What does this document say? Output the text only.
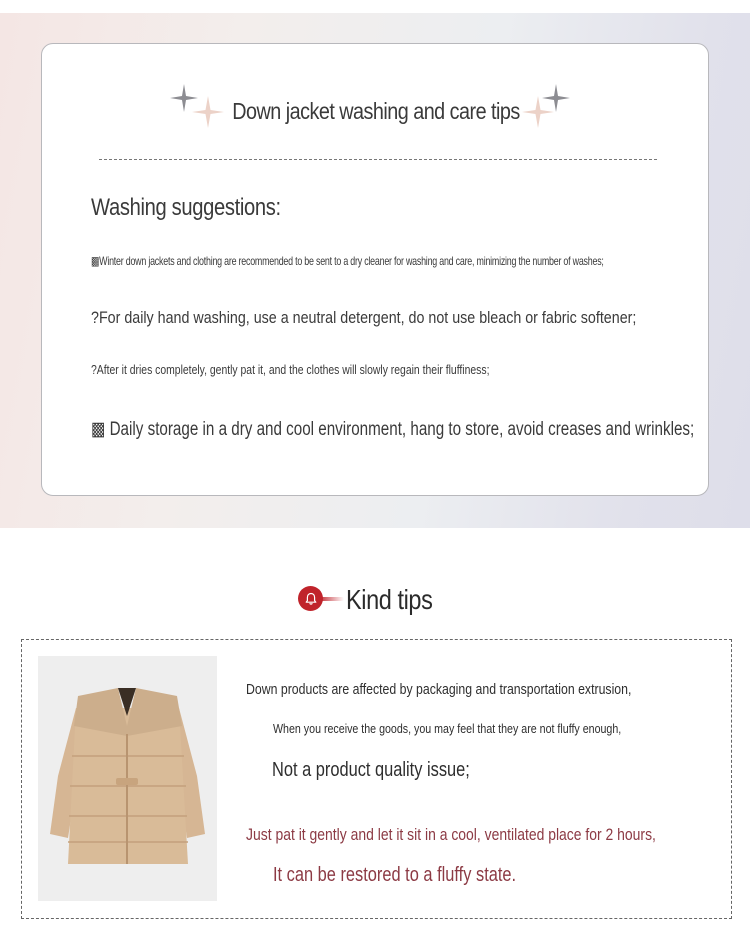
Down jacket washing and care tips
Washing suggestions:
▩Winter down jackets and clothing are recommended to be sent to a dry cleaner for washing and care, minimizing the number of washes;
?For daily hand washing, use a neutral detergent, do not use bleach or fabric softener;
?After it dries completely, gently pat it, and the clothes will slowly regain their fluffiness;
▩ Daily storage in a dry and cool environment, hang to store, avoid creases and wrinkles;
Kind tips
Down products are affected by packaging and transportation extrusion,
When you receive the goods, you may feel that they are not fluffy enough,
Not a product quality issue;
Just pat it gently and let it sit in a cool, ventilated place for 2 hours,
It can be restored to a fluffy state.
